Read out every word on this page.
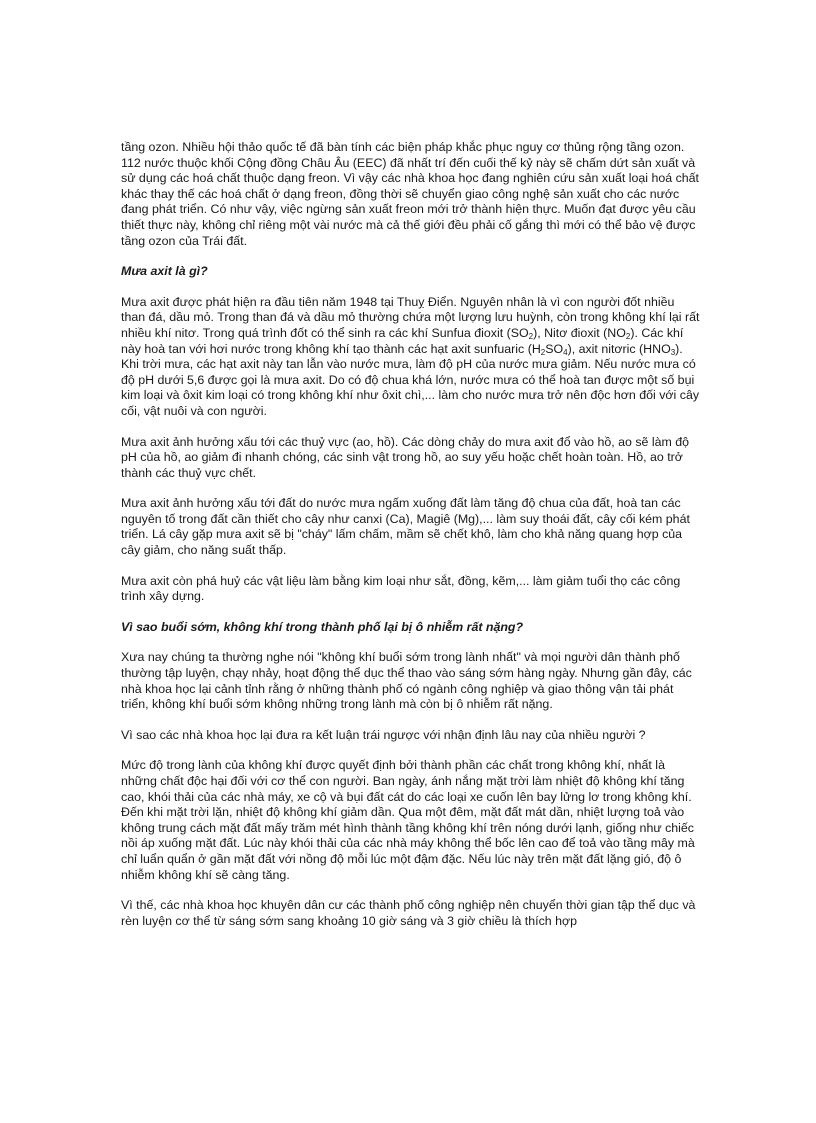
tầng ozon. Nhiều hội thảo quốc tế đã bàn tính các biện pháp khắc phục nguy cơ thủng rộng tầng ozon. 112 nước thuộc khối Cộng đồng Châu Âu (EEC) đã nhất trí đến cuối thế kỷ này sẽ chấm dứt sản xuất và sử dụng các hoá chất thuộc dạng freon. Vì vậy các nhà khoa học đang nghiên cứu sản xuất loại hoá chất khác thay thế các hoá chất ở dạng freon, đồng thời sẽ chuyển giao công nghệ sản xuất cho các nước đang phát triển. Có như vậy, việc ngừng sản xuất freon mới trở thành hiện thực. Muốn đạt được yêu cầu thiết thực này, không chỉ riêng một vài nước mà cả thế giới đều phải cố gắng thì mới có thể bảo vệ được tầng ozon của Trái đất.

Mưa axit là gì?

Mưa axit được phát hiện ra đầu tiên năm 1948 tại Thuỵ Điển. Nguyên nhân là vì con người đốt nhiều than đá, dầu mỏ. Trong than đá và dầu mỏ thường chứa một lượng lưu huỳnh, còn trong không khí lại rất nhiều khí nitơ. Trong quá trình đốt có thể sinh ra các khí Sunfua đioxit $(SO_2)$, Nitơ đioxit $(NO_2)$. Các khí này hoà tan với hơi nước trong không khí tạo thành các hạt axit sunfuaric $(H_2SO_4)$, axit nitơric $(HNO_3)$. Khi trời mưa, các hạt axit này tan lẫn vào nước mưa, làm độ pH của nước mưa giảm. Nếu nước mưa có độ pH dưới 5,6 được gọi là mưa axit. Do có độ chua khá lớn, nước mưa có thể hoà tan được một số bụi kim loại và ôxit kim loại có trong không khí như ôxit chì,... làm cho nước mưa trở nên độc hơn đối với cây cối, vật nuôi và con người.

Mưa axit ảnh hưởng xấu tới các thuỷ vực (ao, hồ). Các dòng chảy do mưa axit đổ vào hồ, ao sẽ làm độ pH của hồ, ao giảm đi nhanh chóng, các sinh vật trong hồ, ao suy yếu hoặc chết hoàn toàn. Hồ, ao trở thành các thuỷ vực chết.

Mưa axit ảnh hưởng xấu tới đất do nước mưa ngấm xuống đất làm tăng độ chua của đất, hoà tan các nguyên tố trong đất cần thiết cho cây như canxi (Ca), Magiê (Mg),... làm suy thoái đất, cây cối kém phát triển. Lá cây gặp mưa axit sẽ bị "cháy" lấm chấm, mầm sẽ chết khô, làm cho khả năng quang hợp của cây giảm, cho năng suất thấp.

Mưa axit còn phá huỷ các vật liệu làm bằng kim loại như sắt, đồng, kẽm,... làm giảm tuổi thọ các công trình xây dựng.

Vì sao buổi sớm, không khí trong thành phố lại bị ô nhiễm rất nặng?

Xưa nay chúng ta thường nghe nói "không khí buổi sớm trong lành nhất" và mọi người dân thành phố thường tập luyện, chạy nhảy, hoạt động thể dục thể thao vào sáng sớm hàng ngày. Nhưng gần đây, các nhà khoa học lại cảnh tỉnh rằng ở những thành phố có ngành công nghiệp và giao thông vận tải phát triển, không khí buổi sớm không những trong lành mà còn bị ô nhiễm rất nặng.

Vì sao các nhà khoa học lại đưa ra kết luận trái ngược với nhận định lâu nay của nhiều người ?

Mức độ trong lành của không khí được quyết định bởi thành phần các chất trong không khí, nhất là những chất độc hại đối với cơ thể con người. Ban ngày, ánh nắng mặt trời làm nhiệt độ không khí tăng cao, khói thải của các nhà máy, xe cộ và bụi đất cát do các loại xe cuốn lên bay lửng lơ trong không khí. Đến khi mặt trời lặn, nhiệt độ không khí giảm dần. Qua một đêm, mặt đất mát dần, nhiệt lượng toả vào không trung cách mặt đất mấy trăm mét hình thành tầng không khí trên nóng dưới lạnh, giống như chiếc nồi áp xuống mặt đất. Lúc này khói thải của các nhà máy không thể bốc lên cao để toả vào tầng mây mà chỉ luẩn quẩn ở gần mặt đất với nồng độ mỗi lúc một đậm đặc. Nếu lúc này trên mặt đất lặng gió, độ ô nhiễm không khí sẽ càng tăng.

Vì thế, các nhà khoa học khuyên dân cư các thành phố công nghiệp nên chuyển thời gian tập thể dục và rèn luyện cơ thể từ sáng sớm sang khoảng 10 giờ sáng và 3 giờ chiều là thích hợp
